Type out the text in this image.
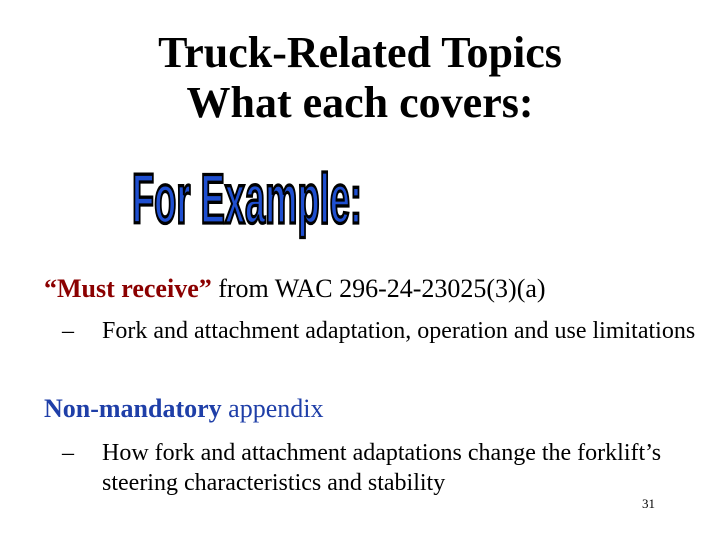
Truck-Related Topics
What each covers:
For Example:
“Must receive” from WAC 296-24-23025(3)(a)
–	Fork and attachment adaptation, operation and use limitations
Non-mandatory appendix
–	How fork and attachment adaptations change the forklift’s steering characteristics and stability
31
